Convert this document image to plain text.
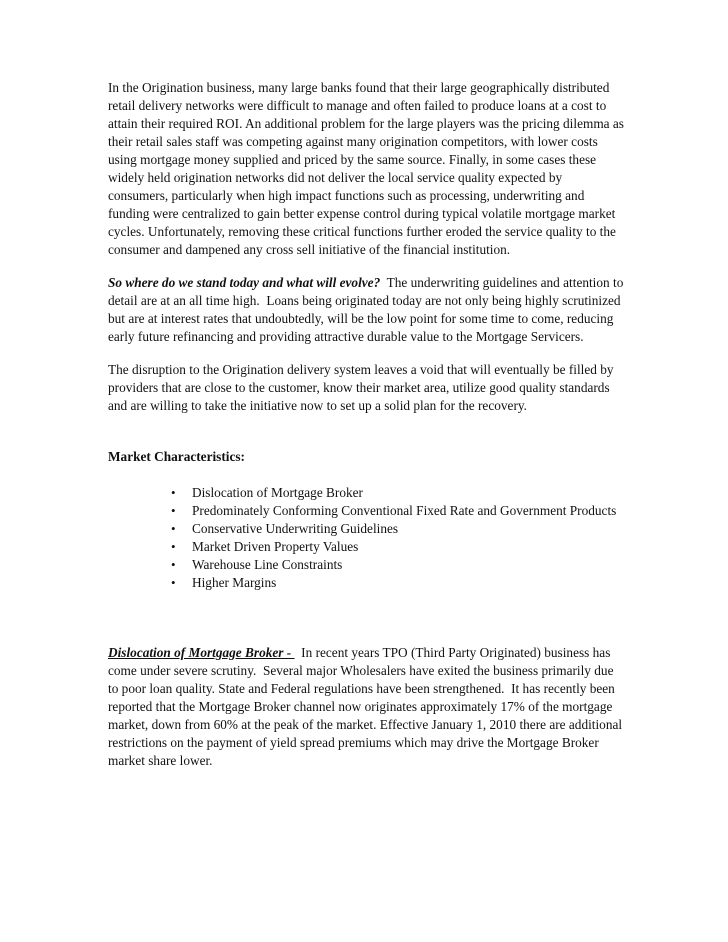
In the Origination business, many large banks found that their large geographically distributed retail delivery networks were difficult to manage and often failed to produce loans at a cost to attain their required ROI. An additional problem for the large players was the pricing dilemma as their retail sales staff was competing against many origination competitors, with lower costs using mortgage money supplied and priced by the same source. Finally, in some cases these widely held origination networks did not deliver the local service quality expected by consumers, particularly when high impact functions such as processing, underwriting and funding were centralized to gain better expense control during typical volatile mortgage market cycles. Unfortunately, removing these critical functions further eroded the service quality to the consumer and dampened any cross sell initiative of the financial institution.

So where do we stand today and what will evolve?  The underwriting guidelines and attention to detail are at an all time high.  Loans being originated today are not only being highly scrutinized but are at interest rates that undoubtedly, will be the low point for some time to come, reducing early future refinancing and providing attractive durable value to the Mortgage Servicers.

The disruption to the Origination delivery system leaves a void that will eventually be filled by providers that are close to the customer, know their market area, utilize good quality standards and are willing to take the initiative now to set up a solid plan for the recovery.

Market Characteristics:
• Dislocation of Mortgage Broker
• Predominately Conforming Conventional Fixed Rate and Government Products
• Conservative Underwriting Guidelines
• Market Driven Property Values
• Warehouse Line Constraints
• Higher Margins

Dislocation of Mortgage Broker -   In recent years TPO (Third Party Originated) business has come under severe scrutiny.  Several major Wholesalers have exited the business primarily due to poor loan quality. State and Federal regulations have been strengthened.  It has recently been reported that the Mortgage Broker channel now originates approximately 17% of the mortgage market, down from 60% at the peak of the market. Effective January 1, 2010 there are additional restrictions on the payment of yield spread premiums which may drive the Mortgage Broker market share lower.
